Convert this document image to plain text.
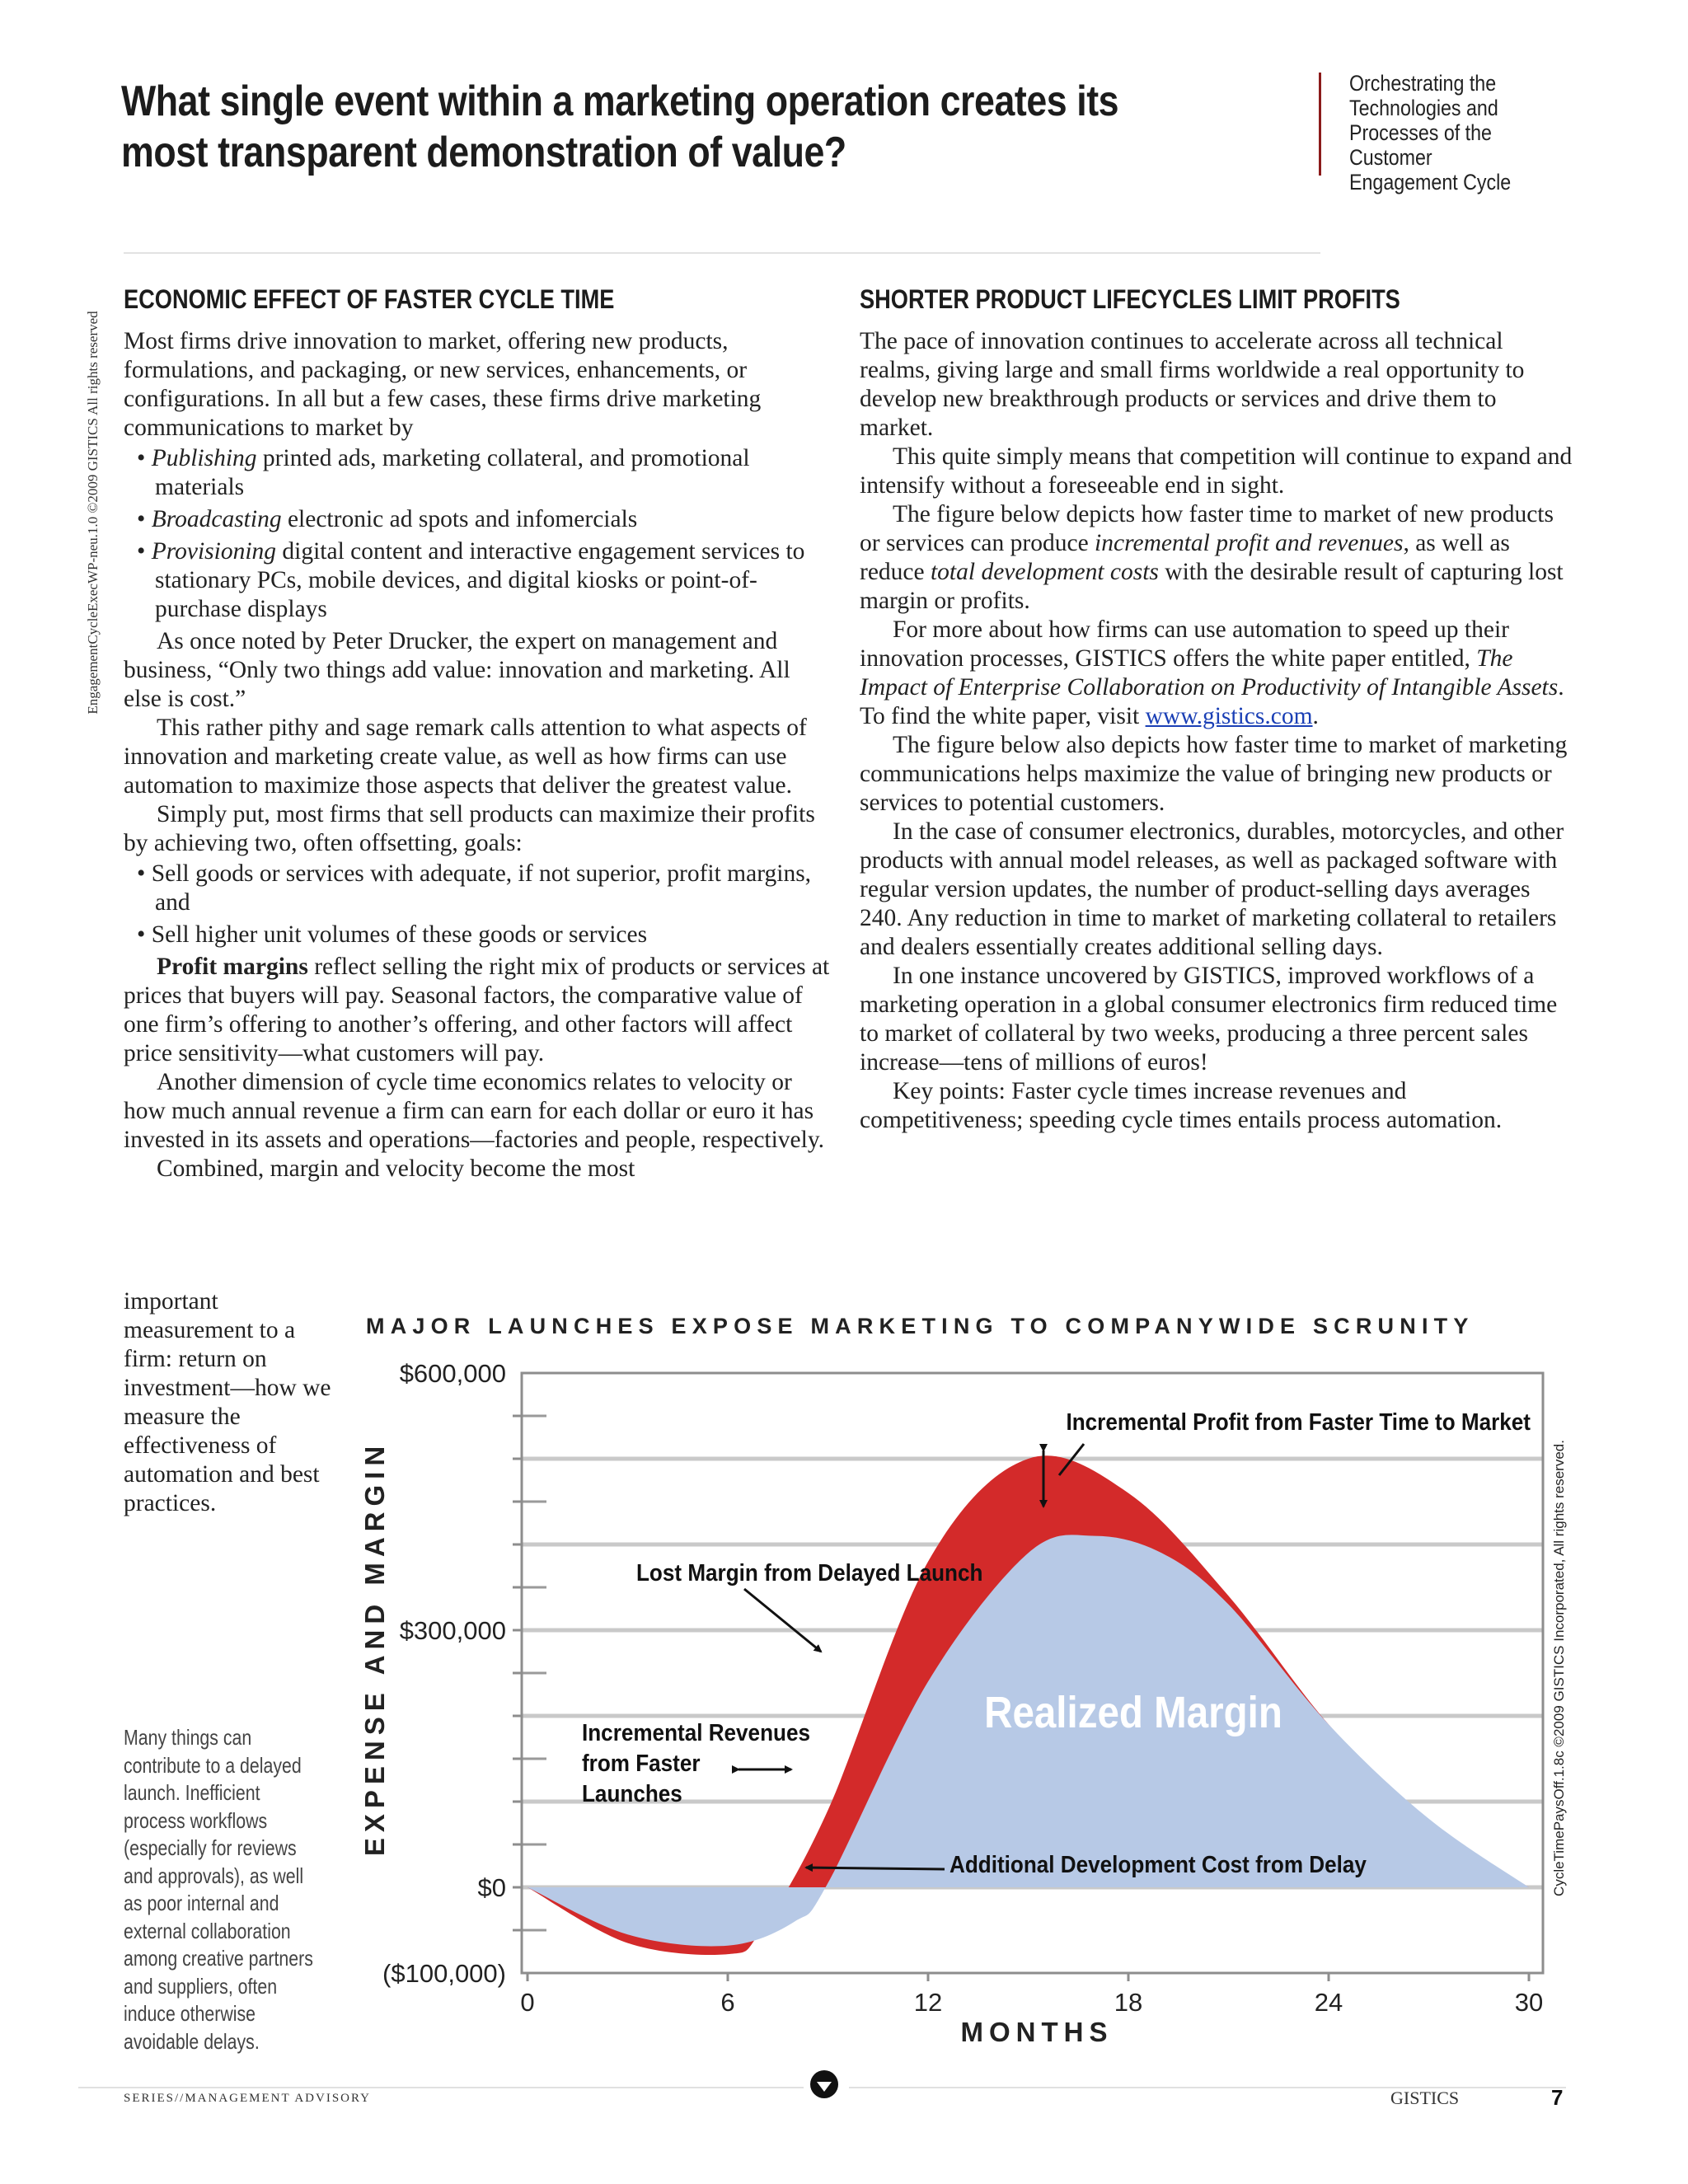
What single event within a marketing operation creates its most transparent demonstration of value?
Orchestrating the Technologies and Processes of the Customer Engagement Cycle
EngagementCycleExecWP-neu.1.0 ©2009 GISTICS All rights reserved
ECONOMIC EFFECT OF FASTER CYCLE TIME

Most firms drive innovation to market, offering new products, formulations, and packaging, or new services, enhancements, or configurations. In all but a few cases, these firms drive marketing communications to market by

• Publishing printed ads, marketing collateral, and promotional materials
• Broadcasting electronic ad spots and infomercials
• Provisioning digital content and interactive engagement services to stationary PCs, mobile devices, and digital kiosks or point-of-purchase displays

As once noted by Peter Drucker, the expert on management and business, “Only two things add value: innovation and marketing. All else is cost.”

This rather pithy and sage remark calls attention to what aspects of innovation and marketing create value, as well as how firms can use automation to maximize those aspects that deliver the greatest value.

Simply put, most firms that sell products can maximize their profits by achieving two, often offsetting, goals:

• Sell goods or services with adequate, if not superior, profit margins, and
• Sell higher unit volumes of these goods or services

Profit margins reflect selling the right mix of products or services at prices that buyers will pay. Seasonal factors, the comparative value of one firm’s offering to another’s offering, and other factors will affect price sensitivity—what customers will pay.

Another dimension of cycle time economics relates to velocity or how much annual revenue a firm can earn for each dollar or euro it has invested in its assets and operations—factories and people, respectively.

Combined, margin and velocity become the most

important measurement to a firm: return on investment—how we measure the effectiveness of automation and best practices.
SHORTER PRODUCT LIFECYCLES LIMIT PROFITS

The pace of innovation continues to accelerate across all technical realms, giving large and small firms worldwide a real opportunity to develop new breakthrough products or services and drive them to market.

This quite simply means that competition will continue to expand and intensify without a foreseeable end in sight.

The figure below depicts how faster time to market of new products or services can produce incremental profit and revenues, as well as reduce total development costs with the desirable result of capturing lost margin or profits.

For more about how firms can use automation to speed up their innovation processes, GISTICS offers the white paper entitled, The Impact of Enterprise Collaboration on Productivity of Intangible Assets. To find the white paper, visit www.gistics.com.

The figure below also depicts how faster time to market of marketing communications helps maximize the value of bringing new products or services to potential customers.

In the case of consumer electronics, durables, motorcycles, and other products with annual model releases, as well as packaged software with regular version updates, the number of product-selling days averages 240. Any reduction in time to market of marketing collateral to retailers and dealers essentially creates additional selling days.

In one instance uncovered by GISTICS, improved workflows of a marketing operation in a global consumer electronics firm reduced time to market of collateral by two weeks, producing a three percent sales increase—tens of millions of euros!

Key points: Faster cycle times increase revenues and competitiveness; speeding cycle times entails process automation.

MAJOR LAUNCHES EXPOSE MARKETING TO COMPANYWIDE SCRUNITY
$600,000
$300,000
$0
($100,000)
0	6	12	18	24	30
Incremental Profit from Faster Time to Market
Lost Margin from Delayed Launch
Incremental Revenues from Faster Launches
Realized Margin
Additional Development Cost from Delay
MONTHS
EXPENSE AND MARGIN	CycleTimePaysOff.1.8c ©2009 GISTICS Incorporated, All rights reserved.
Many things can contribute to a delayed launch. Inefficient process workflows (especially for reviews and approvals), as well as poor internal and external collaboration among creative partners and suppliers, often induce otherwise avoidable delays.
SERIES//MANAGEMENT ADVISORY	GISTICS	7
